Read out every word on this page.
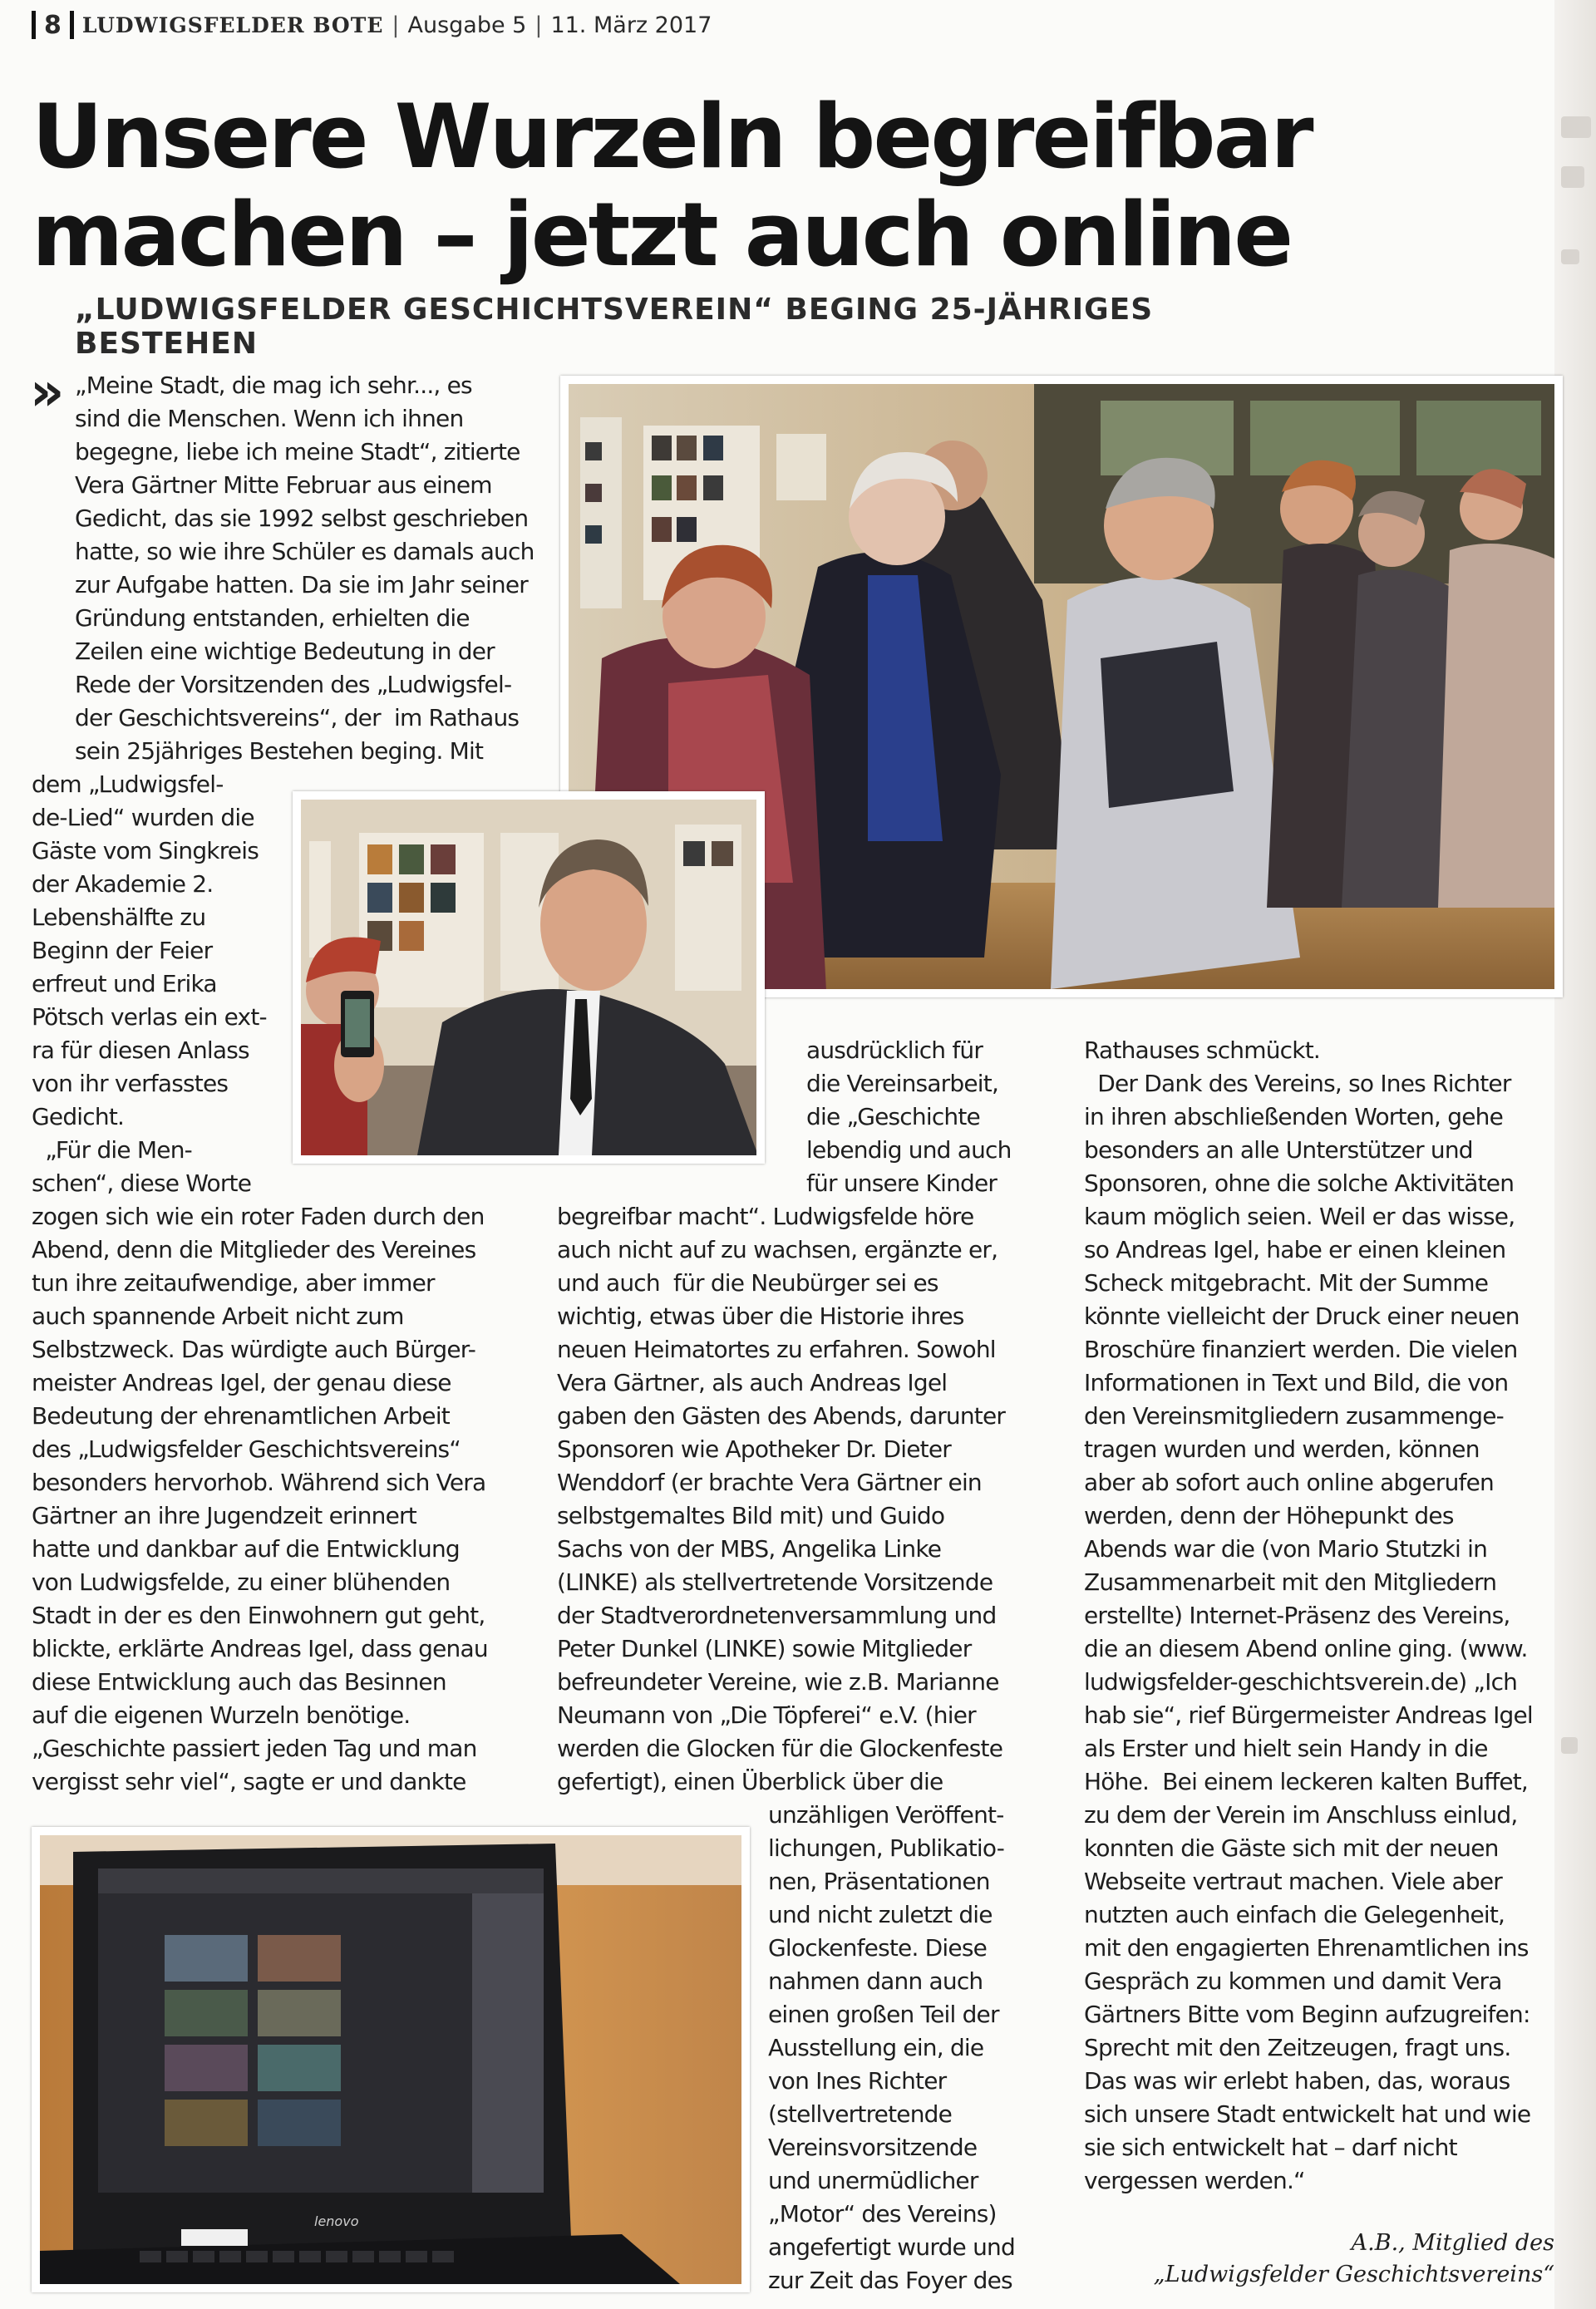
8 LUDWIGSFELDER BOTE | Ausgabe 5 | 11. März 2017
Unsere Wurzeln begreifbar
machen – jetzt auch online
„LUDWIGSFELDER GESCHICHTSVEREIN“ BEGING 25-JÄHRIGES BESTEHEN
» „Meine Stadt, die mag ich sehr..., es
sind die Menschen. Wenn ich ihnen
begegne, liebe ich meine Stadt“, zitierte
Vera Gärtner Mitte Februar aus einem
Gedicht, das sie 1992 selbst geschrieben
hatte, so wie ihre Schüler es damals auch
zur Aufgabe hatten. Da sie im Jahr seiner
Gründung entstanden, erhielten die
Zeilen eine wichtige Bedeutung in der
Rede der Vorsitzenden des „Ludwigsfel-
der Geschichtsvereins“, der  im Rathaus
sein 25jähriges Bestehen beging. Mit

dem „Ludwigsfel-
de-Lied“ wurden die
Gäste vom Singkreis
der Akademie 2.
Lebenshälfte zu
Beginn der Feier
erfreut und Erika
Pötsch verlas ein ext-
ra für diesen Anlass
von ihr verfasstes
Gedicht.
„Für die Men-
schen“, diese Worte

zogen sich wie ein roter Faden durch den
Abend, denn die Mitglieder des Vereines
tun ihre zeitaufwendige, aber immer
auch spannende Arbeit nicht zum
Selbstzweck. Das würdigte auch Bürger-
meister Andreas Igel, der genau diese
Bedeutung der ehrenamtlichen Arbeit
des „Ludwigsfelder Geschichtsvereins“
besonders hervorhob. Während sich Vera
Gärtner an ihre Jugendzeit erinnert
hatte und dankbar auf die Entwicklung
von Ludwigsfelde, zu einer blühenden
Stadt in der es den Einwohnern gut geht,
blickte, erklärte Andreas Igel, dass genau
diese Entwicklung auch das Besinnen
auf die eigenen Wurzeln benötige.
„Geschichte passiert jeden Tag und man
vergisst sehr viel“, sagte er und dankte

ausdrücklich für
die Vereinsarbeit,
die „Geschichte
lebendig und auch
für unsere Kinder

begreifbar macht“. Ludwigsfelde höre
auch nicht auf zu wachsen, ergänzte er,
und auch  für die Neubürger sei es
wichtig, etwas über die Historie ihres
neuen Heimatortes zu erfahren. Sowohl
Vera Gärtner, als auch Andreas Igel
gaben den Gästen des Abends, darunter
Sponsoren wie Apotheker Dr. Dieter
Wenddorf (er brachte Vera Gärtner ein
selbstgemaltes Bild mit) und Guido
Sachs von der MBS, Angelika Linke
(LINKE) als stellvertretende Vorsitzende
der Stadtverordnetenversammlung und
Peter Dunkel (LINKE) sowie Mitglieder
befreundeter Vereine, wie z.B. Marianne
Neumann von „Die Töpferei“ e.V. (hier
werden die Glocken für die Glockenfeste
gefertigt), einen Überblick über die

unzähligen Veröffent-
lichungen, Publikatio-
nen, Präsentationen
und nicht zuletzt die
Glockenfeste. Diese
nahmen dann auch
einen großen Teil der
Ausstellung ein, die
von Ines Richter
(stellvertretende
Vereinsvorsitzende
und unermüdlicher
„Motor“ des Vereins)
angefertigt wurde und
zur Zeit das Foyer des

Rathauses schmückt.
Der Dank des Vereins, so Ines Richter
in ihren abschließenden Worten, gehe
besonders an alle Unterstützer und
Sponsoren, ohne die solche Aktivitäten
kaum möglich seien. Weil er das wisse,
so Andreas Igel, habe er einen kleinen
Scheck mitgebracht. Mit der Summe
könnte vielleicht der Druck einer neuen
Broschüre finanziert werden. Die vielen
Informationen in Text und Bild, die von
den Vereinsmitgliedern zusammenge-
tragen wurden und werden, können
aber ab sofort auch online abgerufen
werden, denn der Höhepunkt des
Abends war die (von Mario Stutzki in
Zusammenarbeit mit den Mitgliedern
erstellte) Internet-Präsenz des Vereins,
die an diesem Abend online ging. (www.
ludwigsfelder-geschichtsverein.de) „Ich
hab sie“, rief Bürgermeister Andreas Igel
als Erster und hielt sein Handy in die
Höhe.  Bei einem leckeren kalten Buffet,
zu dem der Verein im Anschluss einlud,
konnten die Gäste sich mit der neuen
Webseite vertraut machen. Viele aber
nutzten auch einfach die Gelegenheit,
mit den engagierten Ehrenamtlichen ins
Gespräch zu kommen und damit Vera
Gärtners Bitte vom Beginn aufzugreifen:
Sprecht mit den Zeitzeugen, fragt uns.
Das was wir erlebt haben, das, woraus
sich unsere Stadt entwickelt hat und wie
sie sich entwickelt hat – darf nicht
vergessen werden.“

A.B., Mitglied des
„Ludwigsfelder Geschichtsvereins“
lenovo
